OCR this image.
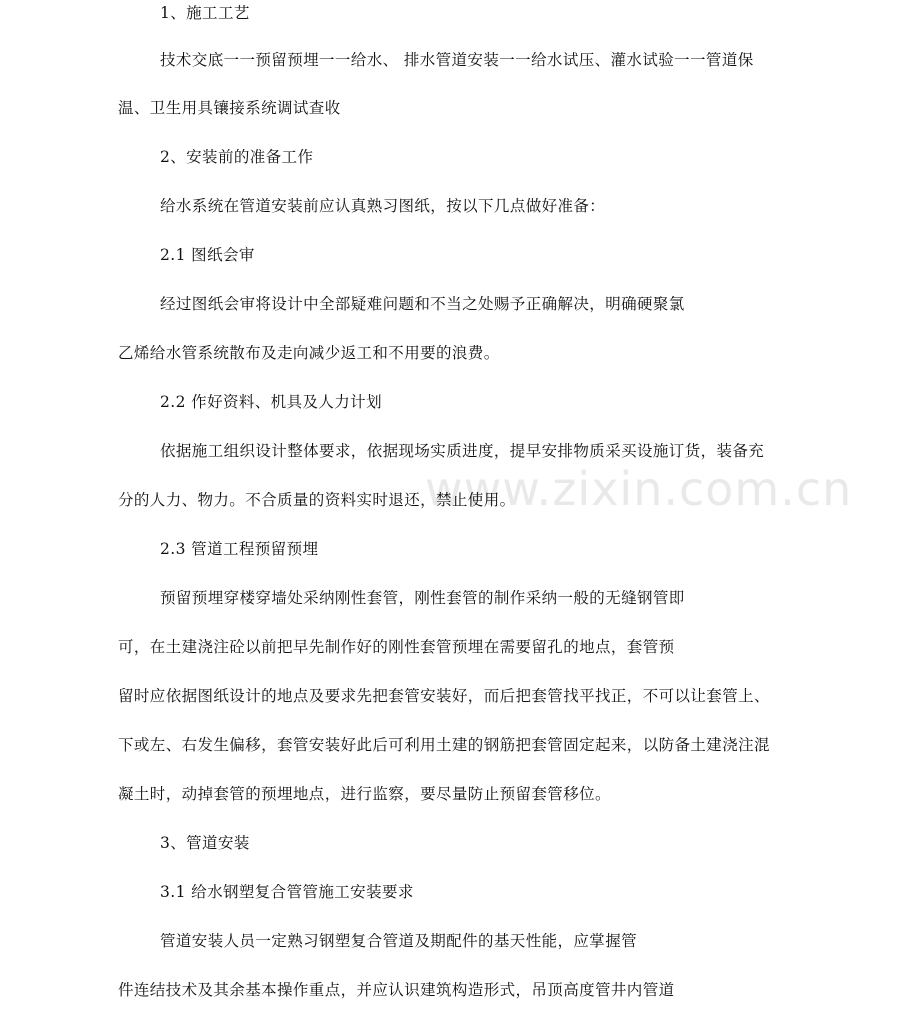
www.zixin.com.cn
1、施工工艺
技术交底一一预留预埋一一给水、 排水管道安装一一给水试压、灌水试验一一管道保
温、卫生用具镶接系统调试查收
2、安装前的准备工作
给水系统在管道安装前应认真熟习图纸，按以下几点做好准备：
2.1 图纸会审
经过图纸会审将设计中全部疑难问题和不当之处赐予正确解决，明确硬聚氯
乙烯给水管系统散布及走向减少返工和不用要的浪费。
2.2 作好资料、机具及人力计划
依据施工组织设计整体要求，依据现场实质进度，提早安排物质采买设施订货，装备充
分的人力、物力。不合质量的资料实时退还，禁止使用。
2.3 管道工程预留预埋
预留预埋穿楼穿墙处采纳刚性套管，刚性套管的制作采纳一般的无缝钢管即
可，在土建浇注砼以前把早先制作好的刚性套管预埋在需要留孔的地点，套管预
留时应依据图纸设计的地点及要求先把套管安装好，而后把套管找平找正，不可以让套管上、
下或左、右发生偏移，套管安装好此后可利用土建的钢筋把套管固定起来，以防备土建浇注混
凝土时，动掉套管的预埋地点，进行监察，要尽量防止预留套管移位。
3、管道安装
3.1 给水钢塑复合管管施工安装要求
管道安装人员一定熟习钢塑复合管道及期配件的基天性能，应掌握管
件连结技术及其余基本操作重点，并应认识建筑构造形式，吊顶高度管井内管道
